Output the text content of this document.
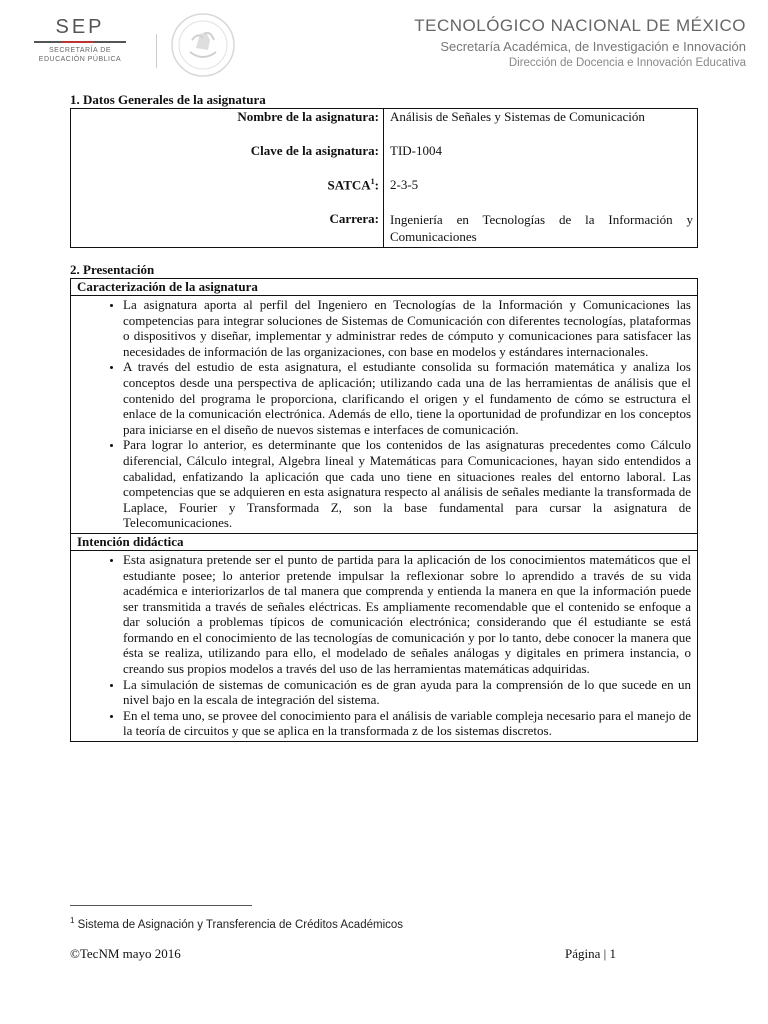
SEP
SECRETARÍA DE
EDUCACIÓN PÚBLICA
TECNOLÓGICO NACIONAL DE MÉXICO
Secretaría Académica, de Investigación e Innovación
Dirección de Docencia e Innovación Educativa
1. Datos Generales de la asignatura
Nombre de la asignatura:	Análisis de Señales y Sistemas de Comunicación
Clave de la asignatura:	TID-1004
SATCA$^1$:	2-3-5
Carrera:	Ingeniería en Tecnologías de la Información y Comunicaciones
2. Presentación
Caracterización de la asignatura

• La asignatura aporta al perfil del Ingeniero en Tecnologías de la Información y Comunicaciones las competencias para integrar soluciones de Sistemas de Comunicación con diferentes tecnologías, plataformas o dispositivos y diseñar, implementar y administrar redes de cómputo y comunicaciones para satisfacer las necesidades de información de las organizaciones, con base en modelos y estándares internacionales.
• A través del estudio de esta asignatura, el estudiante consolida su formación matemática y analiza los conceptos desde una perspectiva de aplicación; utilizando cada una de las herramientas de análisis que el contenido del programa le proporciona, clarificando el origen y el fundamento de cómo se estructura el enlace de la comunicación electrónica. Además de ello, tiene la oportunidad de profundizar en los conceptos para iniciarse en el diseño de nuevos sistemas e interfaces de comunicación.
• Para lograr lo anterior, es determinante que los contenidos de las asignaturas precedentes como Cálculo diferencial, Cálculo integral, Algebra lineal y Matemáticas para Comunicaciones, hayan sido entendidos a cabalidad, enfatizando la aplicación que cada uno tiene en situaciones reales del entorno laboral. Las competencias que se adquieren en esta asignatura respecto al análisis de señales mediante la transformada de Laplace, Fourier y Transformada Z, son la base fundamental para cursar la asignatura de Telecomunicaciones.

Intención didáctica

• Esta asignatura pretende ser el punto de partida para la aplicación de los conocimientos matemáticos que el estudiante posee; lo anterior pretende impulsar la reflexionar sobre lo aprendido a través de su vida académica e interiorizarlos de tal manera que comprenda y entienda la manera en que la información puede ser transmitida a través de señales eléctricas. Es ampliamente recomendable que el contenido se enfoque a dar solución a problemas típicos de comunicación electrónica; considerando que él estudiante se está formando en el conocimiento de las tecnologías de comunicación y por lo tanto, debe conocer la manera que ésta se realiza, utilizando para ello, el modelado de señales análogas y digitales en primera instancia, o creando sus propios modelos a través del uso de las herramientas matemáticas adquiridas.
• La simulación de sistemas de comunicación es de gran ayuda para la comprensión de lo que sucede en un nivel bajo en la escala de integración del sistema.
• En el tema uno, se provee del conocimiento para el análisis de variable compleja necesario para el manejo de la teoría de circuitos y que se aplica en la transformada z de los sistemas discretos.
$^1$ Sistema de Asignación y Transferencia de Créditos Académicos
©TecNM mayo 2016	Página | 1
